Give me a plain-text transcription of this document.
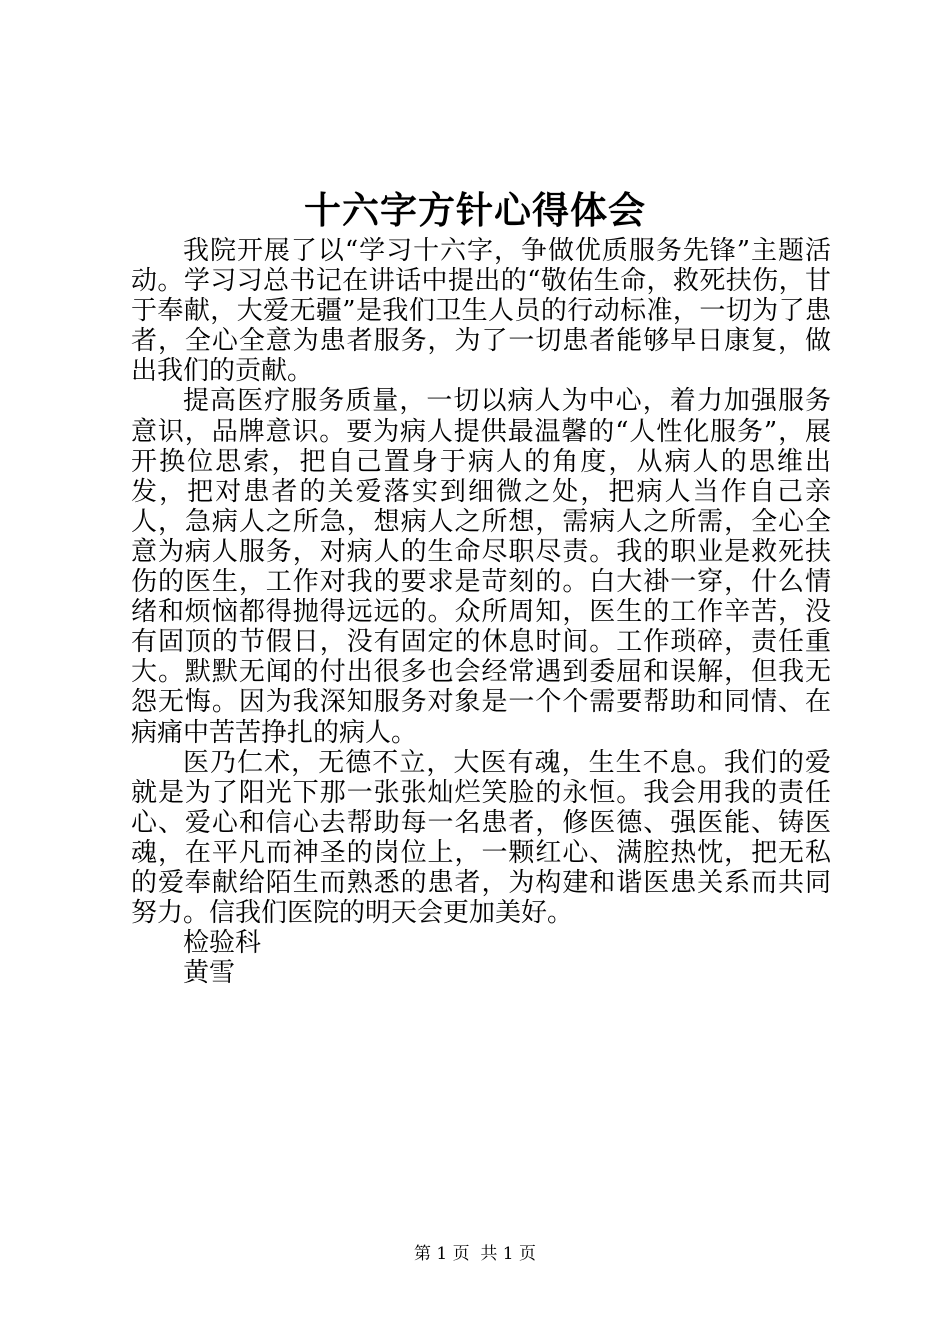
十六字方针心得体会

我院开展了以“学习十六字，争做优质服务先锋”主题活动。学习习总书记在讲话中提出的“敬佑生命，救死扶伤，甘于奉献，大爱无疆”是我们卫生人员的行动标准，一切为了患者，全心全意为患者服务，为了一切患者能够早日康复，做出我们的贡献。

提高医疗服务质量，一切以病人为中心，着力加强服务意识，品牌意识。要为病人提供最温馨的“人性化服务”，展开换位思索，把自己置身于病人的角度，从病人的思维出发，把对患者的关爱落实到细微之处，把病人当作自己亲人，急病人之所急，想病人之所想，需病人之所需，全心全意为病人服务，对病人的生命尽职尽责。我的职业是救死扶伤的医生，工作对我的要求是苛刻的。白大褂一穿，什么情绪和烦恼都得抛得远远的。众所周知，医生的工作辛苦，没有固顶的节假日，没有固定的休息时间。工作琐碎，责任重大。默默无闻的付出很多也会经常遇到委屈和误解，但我无怨无悔。因为我深知服务对象是一个个需要帮助和同情、在病痛中苦苦挣扎的病人。

医乃仁术，无德不立，大医有魂，生生不息。我们的爱就是为了阳光下那一张张灿烂笑脸的永恒。我会用我的责任心、爱心和信心去帮助每一名患者，修医德、强医能、铸医魂，在平凡而神圣的岗位上，一颗红心、满腔热忱，把无私的爱奉献给陌生而熟悉的患者，为构建和谐医患关系而共同努力。信我们医院的明天会更加美好。

检验科

黄雪

第 1 页 共 1 页
